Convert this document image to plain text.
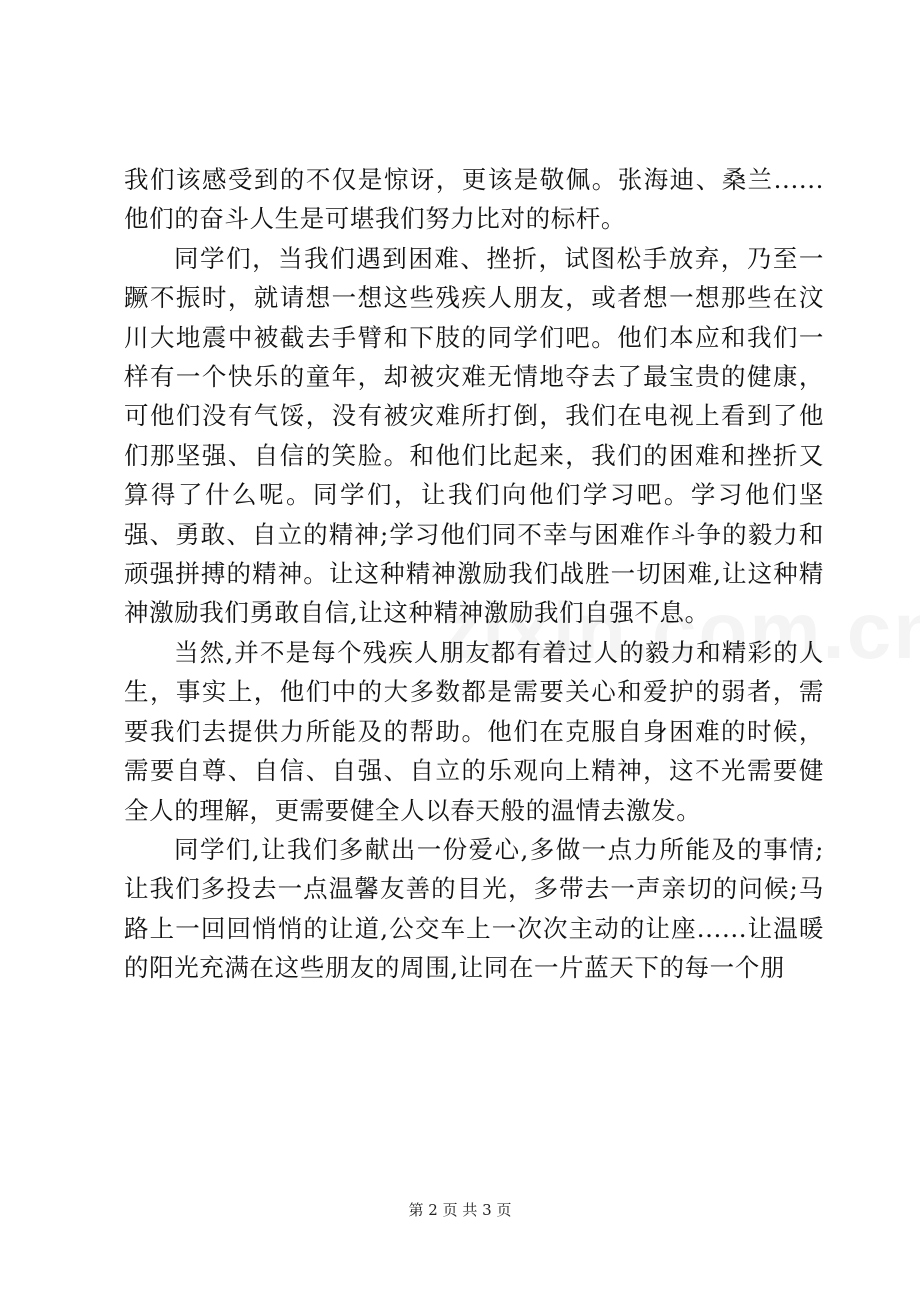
我们该感受到的不仅是惊讶，更该是敬佩。张海迪、桑兰......他们的奋斗人生是可堪我们努力比对的标杆。

同学们，当我们遇到困难、挫折，试图松手放弃，乃至一蹶不振时，就请想一想这些残疾人朋友，或者想一想那些在汶川大地震中被截去手臂和下肢的同学们吧。他们本应和我们一样有一个快乐的童年，却被灾难无情地夺去了最宝贵的健康，可他们没有气馁，没有被灾难所打倒，我们在电视上看到了他们那坚强、自信的笑脸。和他们比起来，我们的困难和挫折又算得了什么呢。同学们，让我们向他们学习吧。学习他们坚强、勇敢、自立的精神;学习他们同不幸与困难作斗争的毅力和顽强拼搏的精神。让这种精神激励我们战胜一切困难,让这种精神激励我们勇敢自信,让这种精神激励我们自强不息。

当然,并不是每个残疾人朋友都有着过人的毅力和精彩的人生，事实上，他们中的大多数都是需要关心和爱护的弱者，需要我们去提供力所能及的帮助。他们在克服自身困难的时候，需要自尊、自信、自强、自立的乐观向上精神，这不光需要健全人的理解，更需要健全人以春天般的温情去激发。

同学们,让我们多献出一份爱心,多做一点力所能及的事情;让我们多投去一点温馨友善的目光，多带去一声亲切的问候;马路上一回回悄悄的让道,公交车上一次次主动的让座......让温暖的阳光充满在这些朋友的周围,让同在一片蓝天下的每一个朋

第 2 页 共 3 页
